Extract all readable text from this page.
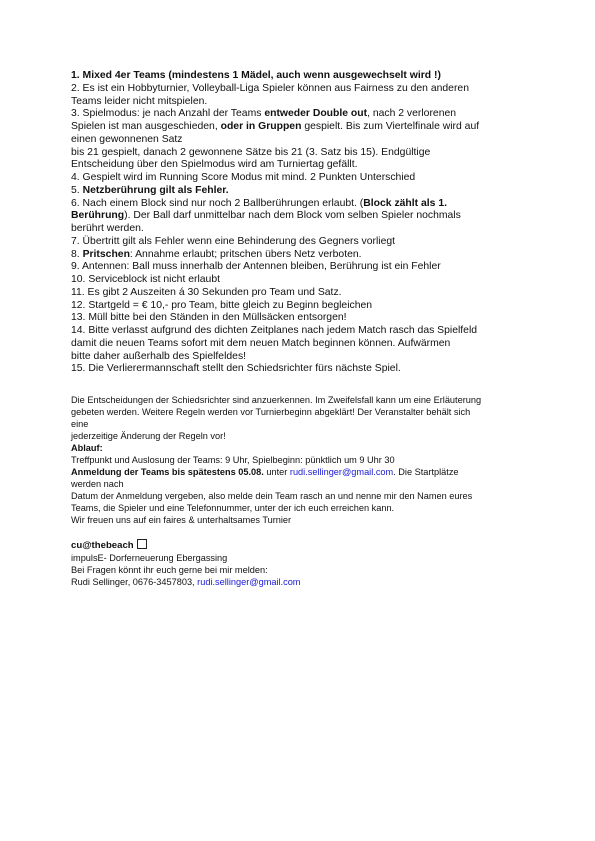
1. Mixed 4er Teams (mindestens 1 Mädel, auch wenn ausgewechselt wird !)

2. Es ist ein Hobbyturnier, Volleyball-Liga Spieler können aus Fairness zu den anderen

Teams leider nicht mitspielen.

3. Spielmodus: je nach Anzahl der Teams entweder Double out, nach 2 verlorenen

Spielen ist man ausgeschieden, oder in Gruppen gespielt. Bis zum Viertelfinale wird auf

einen gewonnenen Satz

bis 21 gespielt, danach 2 gewonnene Sätze bis 21 (3. Satz bis 15). Endgültige

Entscheidung über den Spielmodus wird am Turniertag gefällt.

4. Gespielt wird im Running Score Modus mit mind. 2 Punkten Unterschied

5. Netzberührung gilt als Fehler.

6. Nach einem Block sind nur noch 2 Ballberührungen erlaubt. (Block zählt als 1.

Berührung). Der Ball darf unmittelbar nach dem Block vom selben Spieler nochmals

berührt werden.

7. Übertritt gilt als Fehler wenn eine Behinderung des Gegners vorliegt

8. Pritschen: Annahme erlaubt; pritschen übers Netz verboten.

9. Antennen: Ball muss innerhalb der Antennen bleiben, Berührung ist ein Fehler

10. Serviceblock ist nicht erlaubt

11. Es gibt 2 Auszeiten á 30 Sekunden pro Team und Satz.

12. Startgeld = € 10,- pro Team, bitte gleich zu Beginn begleichen

13. Müll bitte bei den Ständen in den Müllsäcken entsorgen!

14. Bitte verlasst aufgrund des dichten Zeitplanes nach jedem Match rasch das Spielfeld

damit die neuen Teams sofort mit dem neuen Match beginnen können. Aufwärmen

bitte daher außerhalb des Spielfeldes!

15. Die Verlierermannschaft stellt den Schiedsrichter fürs nächste Spiel.

Die Entscheidungen der Schiedsrichter sind anzuerkennen. Im Zweifelsfall kann um eine Erläuterung

gebeten werden. Weitere Regeln werden vor Turnierbeginn abgeklärt! Der Veranstalter behält sich

eine

jederzeitige Änderung der Regeln vor!

Ablauf:

Treffpunkt und Auslosung der Teams: 9 Uhr, Spielbeginn: pünktlich um 9 Uhr 30

Anmeldung der Teams bis spätestens 05.08. unter rudi.sellinger@gmail.com. Die Startplätze

werden nach

Datum der Anmeldung vergeben, also melde dein Team rasch an und nenne mir den Namen eures

Teams, die Spieler und eine Telefonnummer, unter der ich euch erreichen kann.

Wir freuen uns auf ein faires & unterhaltsames Turnier

cu@thebeach

impulsE- Dorferneuerung Ebergassing

Bei Fragen könnt ihr euch gerne bei mir melden:

Rudi Sellinger, 0676-3457803, rudi.sellinger@gmail.com
